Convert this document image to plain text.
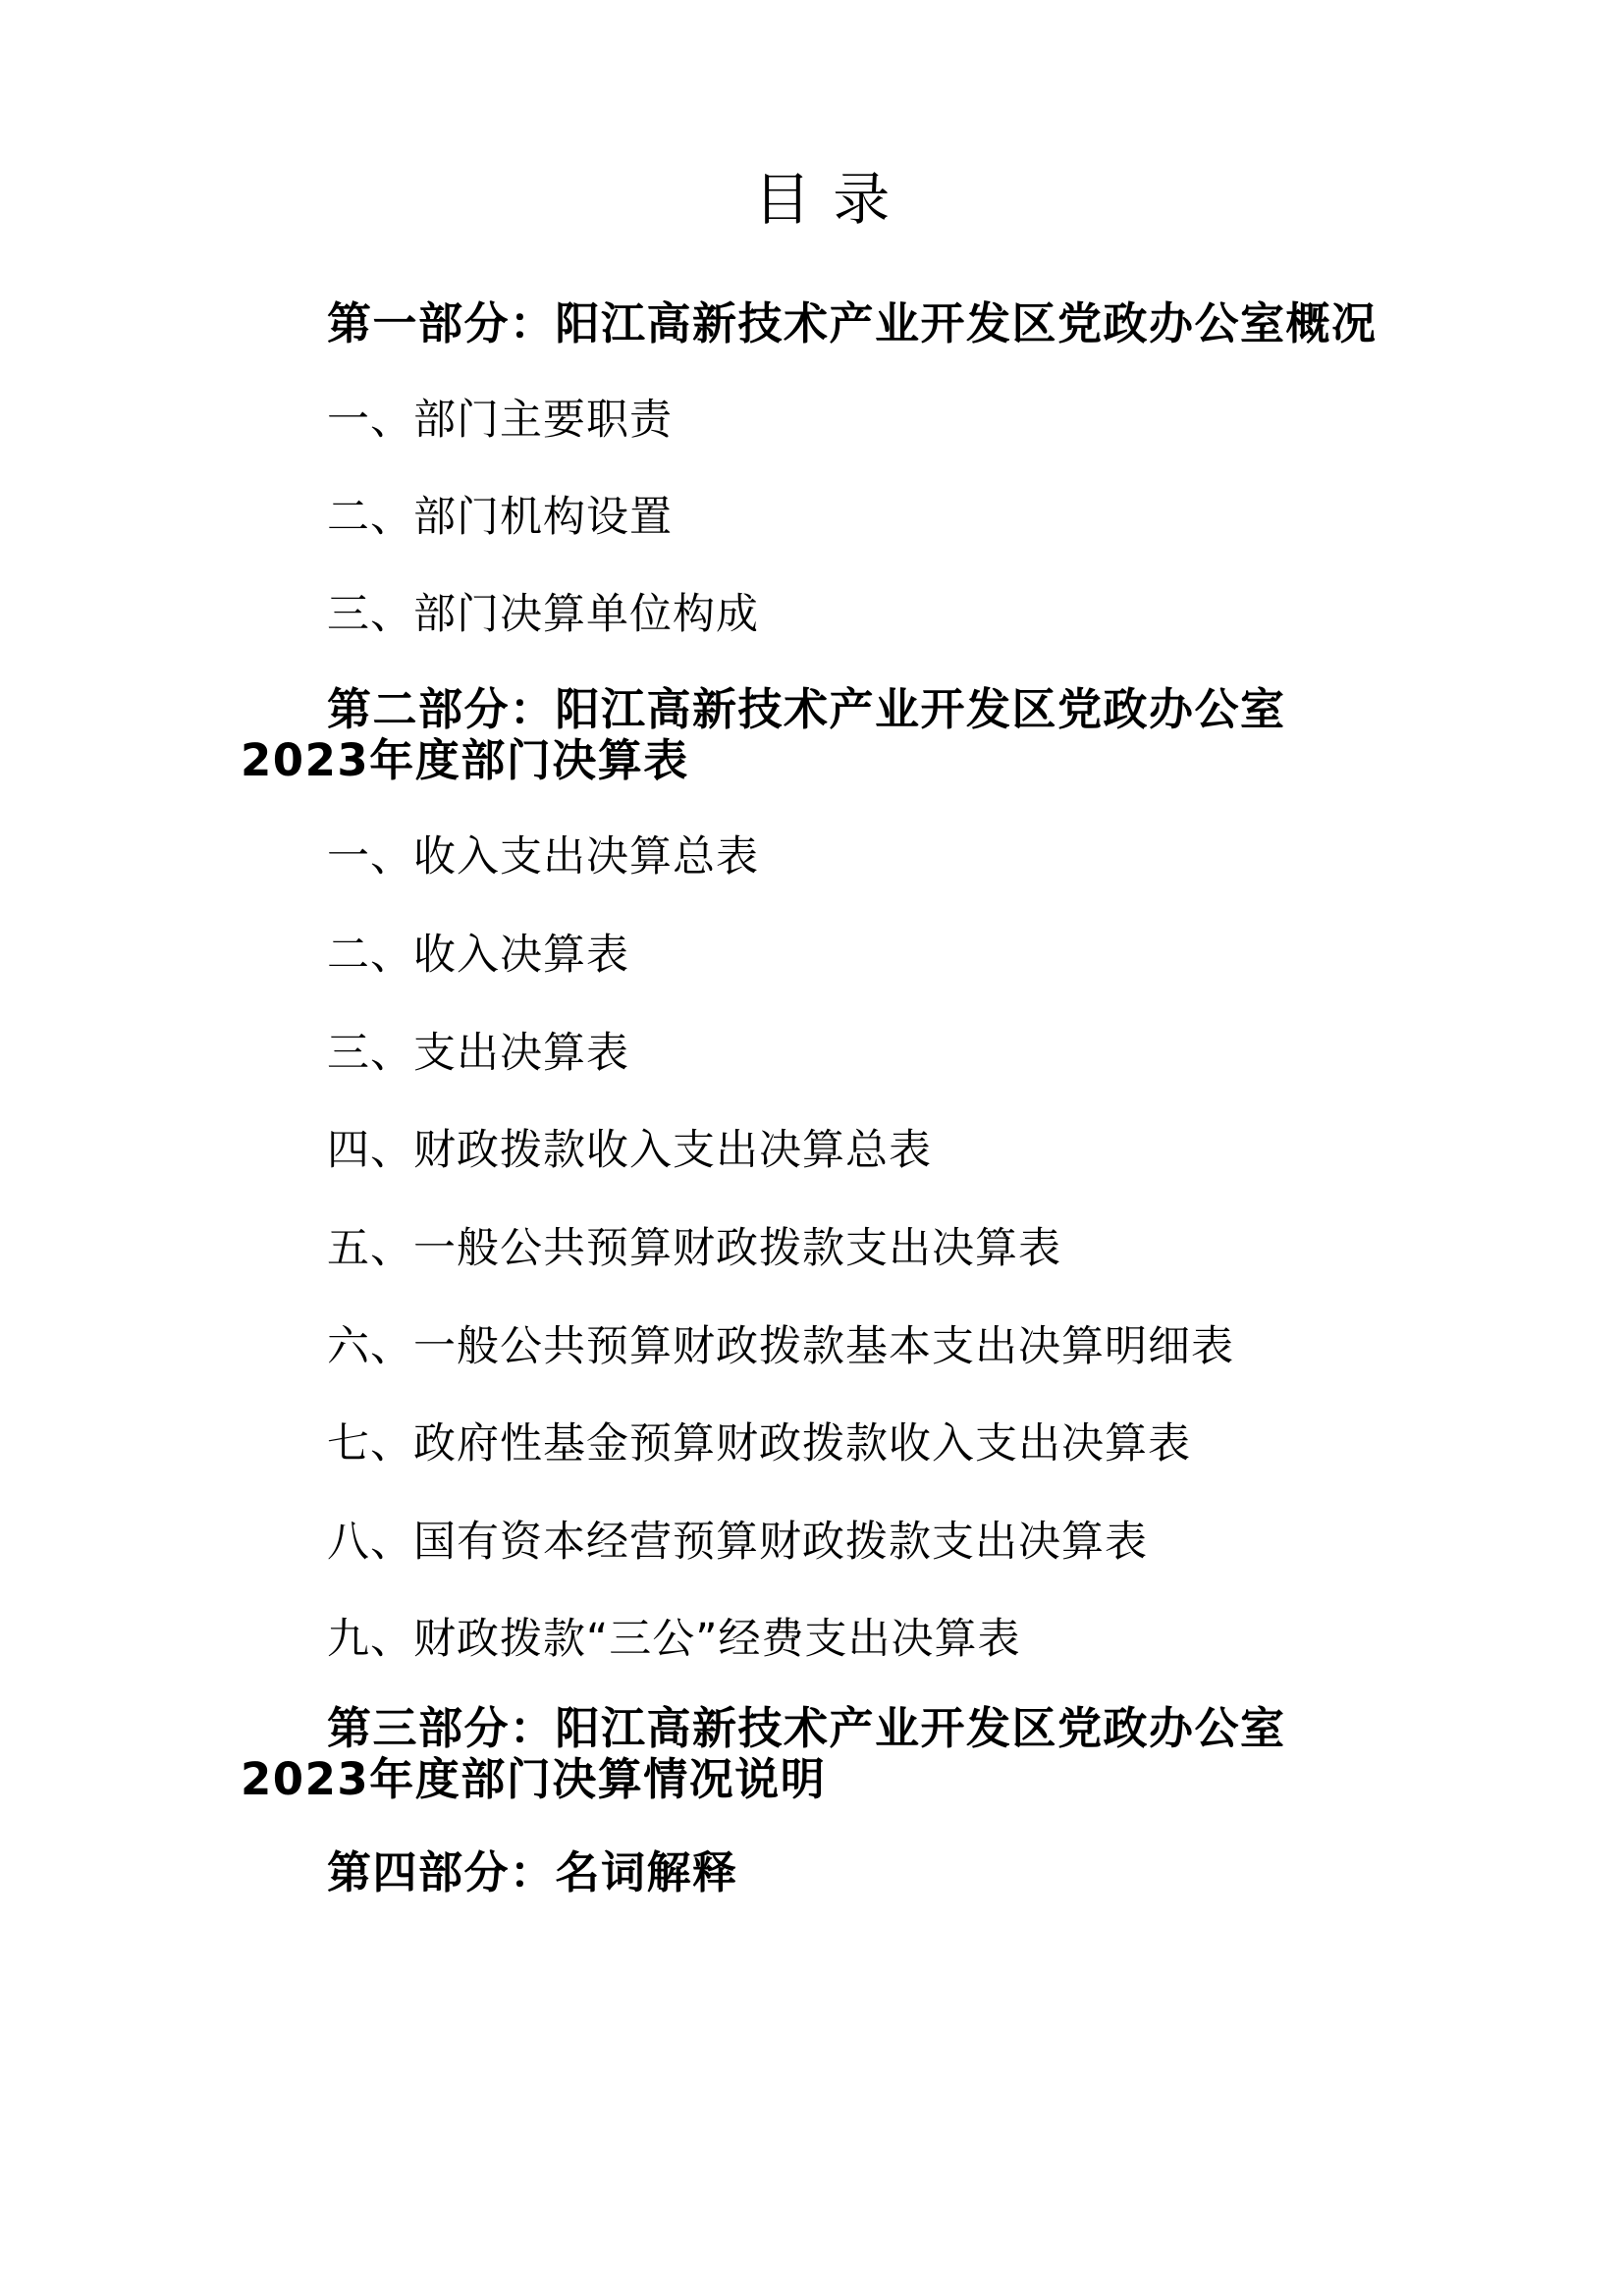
目 录

第一部分：阳江高新技术产业开发区党政办公室概况

一、部门主要职责

二、部门机构设置

三、部门决算单位构成

第二部分：阳江高新技术产业开发区党政办公室2023年度部门决算表

一、收入支出决算总表

二、收入决算表

三、支出决算表

四、财政拨款收入支出决算总表

五、一般公共预算财政拨款支出决算表

六、一般公共预算财政拨款基本支出决算明细表

七、政府性基金预算财政拨款收入支出决算表

八、国有资本经营预算财政拨款支出决算表

九、财政拨款“三公”经费支出决算表

第三部分：阳江高新技术产业开发区党政办公室2023年度部门决算情况说明

第四部分：名词解释
